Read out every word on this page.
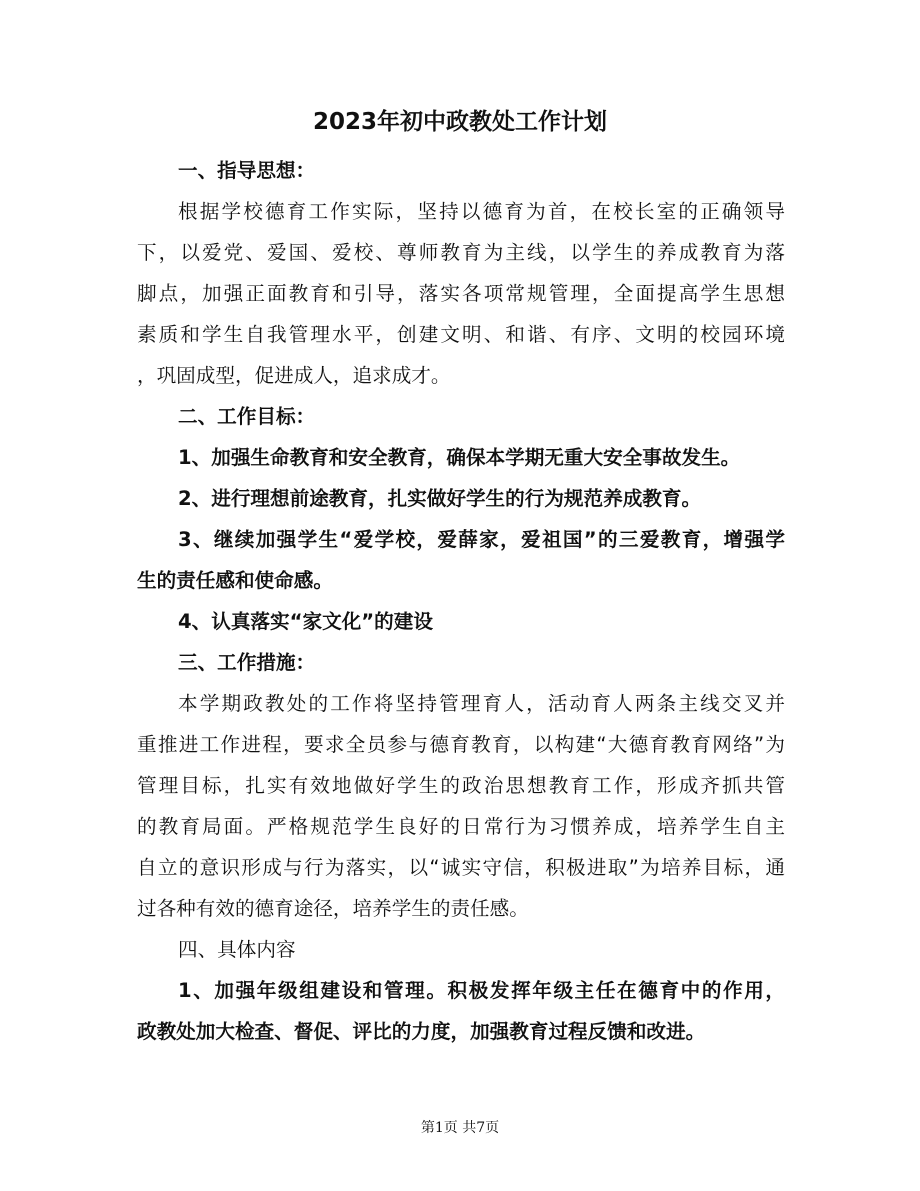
2023年初中政教处工作计划
一、指导思想：
根据学校德育工作实际，坚持以德育为首，在校长室的正确领导
下，以爱党、爱国、爱校、尊师教育为主线，以学生的养成教育为落
脚点，加强正面教育和引导，落实各项常规管理，全面提高学生思想
素质和学生自我管理水平，创建文明、和谐、有序、文明的校园环境
，巩固成型，促进成人，追求成才。
二、工作目标：
1、加强生命教育和安全教育，确保本学期无重大安全事故发生。
2、进行理想前途教育，扎实做好学生的行为规范养成教育。
3、继续加强学生“爱学校，爱薛家，爱祖国”的三爱教育，增强学
生的责任感和使命感。
4、认真落实“家文化”的建设
三、工作措施：
本学期政教处的工作将坚持管理育人，活动育人两条主线交叉并
重推进工作进程，要求全员参与德育教育，以构建“大德育教育网络”为
管理目标，扎实有效地做好学生的政治思想教育工作，形成齐抓共管
的教育局面。严格规范学生良好的日常行为习惯养成，培养学生自主
自立的意识形成与行为落实，以“诚实守信，积极进取”为培养目标，通
过各种有效的德育途径，培养学生的责任感。
四、具体内容
1、加强年级组建设和管理。积极发挥年级主任在德育中的作用，
政教处加大检查、督促、评比的力度，加强教育过程反馈和改进。
第1页 共7页
